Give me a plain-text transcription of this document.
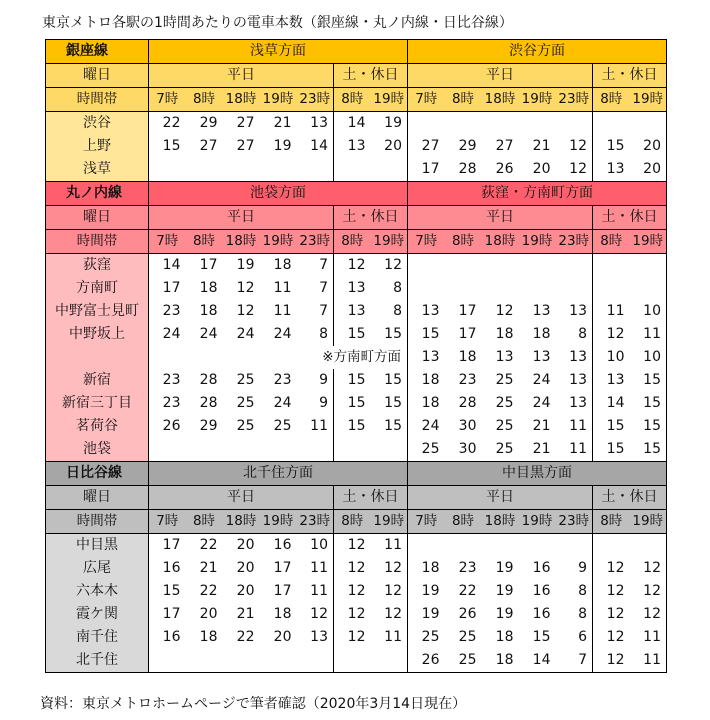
東京メトロ各駅の1時間あたりの電車本数（銀座線・丸ノ内線・日比谷線）
銀座線	浅草方面							渋谷方面						
曜日	平日					土・休日		平日					土・休日	
時間帯	7時	8時	18時	19時	23時	8時	19時	7時	8時	18時	19時	23時	8時	19時
渋谷	22	29	27	21	13	14	19							
上野	15	27	27	19	14	13	20	27	29	27	21	12	15	20
浅草								17	28	26	20	12	13	20
丸ノ内線	池袋方面							荻窪・方南町方面						
曜日	平日					土・休日		平日					土・休日	
時間帯	7時	8時	18時	19時	23時	8時	19時	7時	8時	18時	19時	23時	8時	19時
荻窪	14	17	19	18	7	12	12							
方南町	17	18	12	11	7	13	8							
中野富士見町	23	18	12	11	7	13	8	13	17	12	13	13	11	10
中野坂上	24	24	24	24	8	15	15	15	17	18	18	8	12	11
	※方南町方面							13	18	13	13	13	10	10
新宿	23	28	25	23	9	15	15	18	23	25	24	13	13	15
新宿三丁目	23	28	25	24	9	15	15	18	28	25	24	13	14	15
茗荷谷	26	29	25	25	11	15	15	24	30	25	21	11	15	15
池袋								25	30	25	21	11	15	15
日比谷線	北千住方面							中目黒方面						
曜日	平日					土・休日		平日					土・休日	
時間帯	7時	8時	18時	19時	23時	8時	19時	7時	8時	18時	19時	23時	8時	19時
中目黒	17	22	20	16	10	12	11							
広尾	16	21	20	17	11	12	12	18	23	19	16	9	12	12
六本木	15	22	20	17	11	12	12	19	22	19	16	8	12	12
霞ケ関	17	20	21	18	12	12	12	19	26	19	16	8	12	12
南千住	16	18	22	20	13	12	11	25	25	18	15	6	12	11
北千住								26	25	18	14	7	12	11
資料：東京メトロホームページで筆者確認（2020年3月14日現在）
